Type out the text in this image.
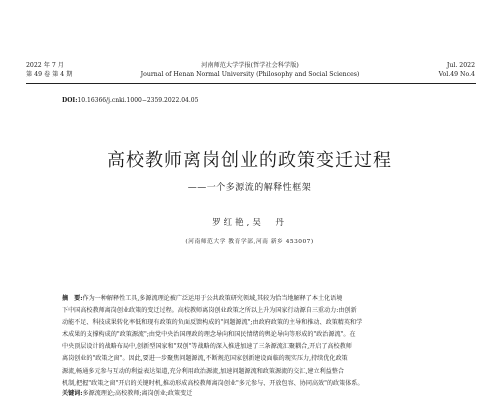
2022 年 7 月
第 49 卷 第 4 期
河南师范大学学报(哲学社会科学版)
Journal of Henan Normal University (Philosophy and Social Sciences)
Jul. 2022
Vol.49 No.4
DOI:10.16366/j.cnki.1000−2359.2022.04.05
高校教师离岗创业的政策变迁过程
——一个多源流的解释性框架
罗红艳,吴　丹
(河南师范大学 教育学部,河南 新乡 453007)
摘　要:作为一种解释性工具,多源流理论被广泛运用于公共政策研究领域,其较为恰当地解释了本土化语境
下中国高校教师离岗创业政策的变迁过程。高校教师离岗创业政策之所以上升为国家行动源自三重动力:由创新
动能不足、科技成果转化率低和现有政策的负面反馈构成的"问题源流";由政府政策的主导和推动、政策精英和学
术成果的支撑构成的"政策源流";由党中央治国理政的理念导向和国民情绪的舆论导向等形成的"政治源流"。在
中央顶层设计的战略布局中,创新型国家和"双创"等战略的深入推进加速了三条源流汇聚耦合,开启了高校教师
离岗创业的"政策之窗"。因此,要进一步聚焦问题源流,不断规范国家创新建设面临的现实压力,持续优化政策
源流,畅通多元参与互动的利益表达渠道,充分利用政治源流,加速问题源流和政策源流的交汇,建立利益整合
机制,把握"政策之窗"开启的关键时机,推动形成高校教师离岗创业"多元参与、开放包容、协同高效"的政策体系。
关键词:多源流理论;高校教师;离岗创业;政策变迁
